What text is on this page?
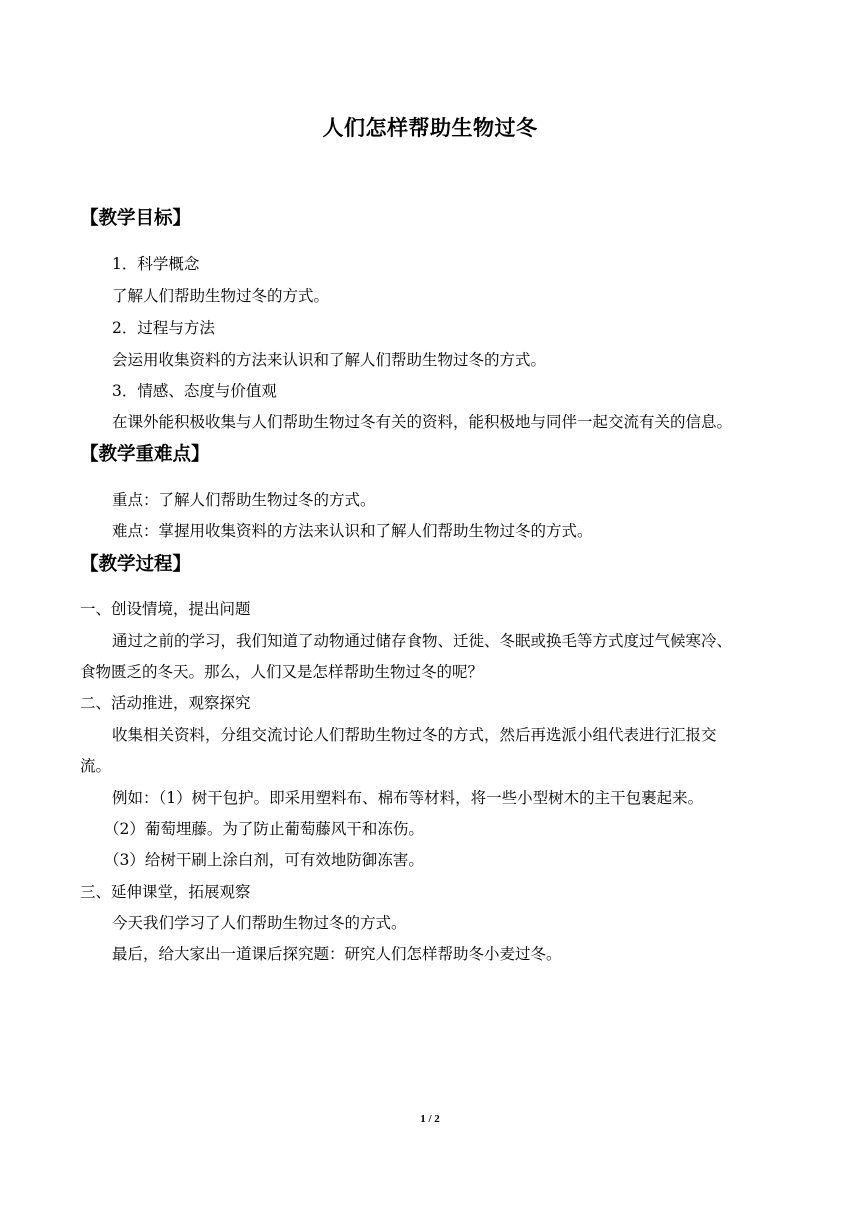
人们怎样帮助生物过冬
【教学目标】
1．科学概念
了解人们帮助生物过冬的方式。
2．过程与方法
会运用收集资料的方法来认识和了解人们帮助生物过冬的方式。
3．情感、态度与价值观
在课外能积极收集与人们帮助生物过冬有关的资料，能积极地与同伴一起交流有关的信息。
【教学重难点】
重点：了解人们帮助生物过冬的方式。
难点：掌握用收集资料的方法来认识和了解人们帮助生物过冬的方式。
【教学过程】
一、创设情境，提出问题
通过之前的学习，我们知道了动物通过储存食物、迁徙、冬眠或换毛等方式度过气候寒冷、
食物匮乏的冬天。那么，人们又是怎样帮助生物过冬的呢？
二、活动推进，观察探究
收集相关资料，分组交流讨论人们帮助生物过冬的方式，然后再选派小组代表进行汇报交
流。
例如：（1）树干包护。即采用塑料布、棉布等材料，将一些小型树木的主干包裹起来。
（2）葡萄埋藤。为了防止葡萄藤风干和冻伤。
（3）给树干刷上涂白剂，可有效地防御冻害。
三、延伸课堂，拓展观察
今天我们学习了人们帮助生物过冬的方式。
最后，给大家出一道课后探究题：研究人们怎样帮助冬小麦过冬。
1 / 2
